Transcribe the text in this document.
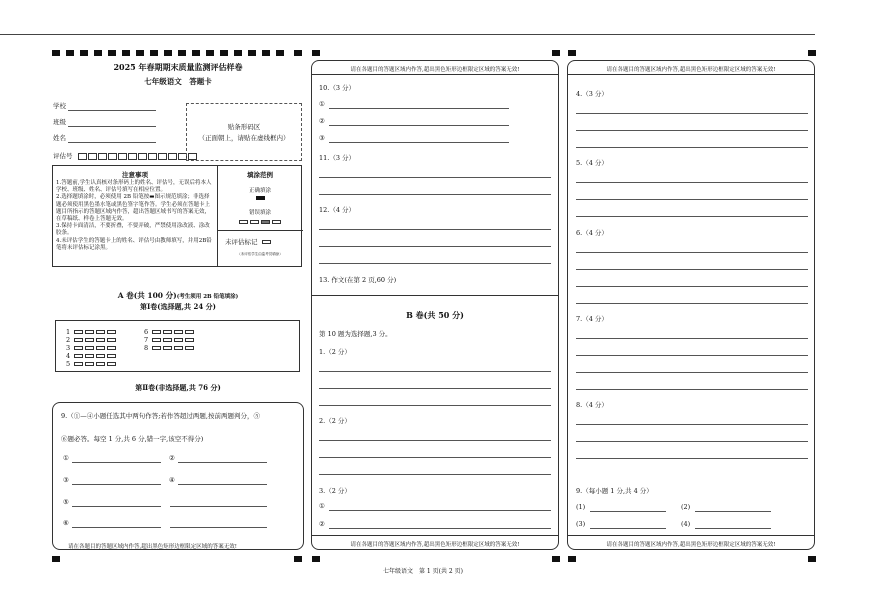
2025 年春期期末质量监测评估样卷
七年级语文　答题卡
学校
班级
姓名
评估号
贴条形码区
（正面朝上，请贴在虚线框内）
注意事项
1.答题前,学生认真核对条形码上的姓名、评估号，无误后将本人学校、班级、姓名、评估号填写在相应位置。
2.选择题填涂时，必须使用 2B 铅笔按▬图示规范填涂；非选择题必须使用黑色墨水笔或黑色签字笔作答。学生必须在答题卡上题目所指示的答题区域内作答，超出答题区域书写的答案无效，在草稿纸、样卷上答题无效。
3.保持卡面清洁，不要折叠，不要弄破，严禁使用涂改液、涂改胶条。
4.未评估学生的答题卡上的姓名、评估号由教师填写，并用2B铅笔将未评估标记涂黑。
填涂范例
正确填涂
错误填涂
未评估标记
（未评估学生由监考员填涂）
A 卷(共 100 分)(考生须用 2B 铅笔填涂)
第Ⅰ卷(选择题,共 24 分)
1
2
3
4
5
6
7
8
第Ⅱ卷(非选择题,共 76 分)
9.（①—④小题任选其中两句作答;若作答超过两题,按前两题判分，⑤
⑥题必答。每空 1 分,共 6 分,错一字,该空不得分)
①	②
③	④
⑤
⑥
请在各题目的答题区域内作答,超出黑色矩形边框限定区域的答案无效!
请在各题目的答题区域内作答,超出黑色矩形边框限定区域的答案无效!
10.（3 分）
①
②
③
11.（3 分）
12.（4 分）
13. 作文(在第 2 页,60 分)
B 卷(共 50 分)
第 10 题为选择题,3 分。
1.（2 分）
2.（2 分）
3.（2 分）
①
②
请在各题目的答题区域内作答,超出黑色矩形边框限定区域的答案无效!
请在各题目的答题区域内作答,超出黑色矩形边框限定区域的答案无效!
4.（3 分）
5.（4 分）
6.（4 分）
7.（4 分）
8.（4 分）
9.（每小题 1 分,共 4 分）
(1)	(2)
(3)	(4)
请在各题目的答题区域内作答,超出黑色矩形边框限定区域的答案无效!
七年级语文　第 1 页(共 2 页)
